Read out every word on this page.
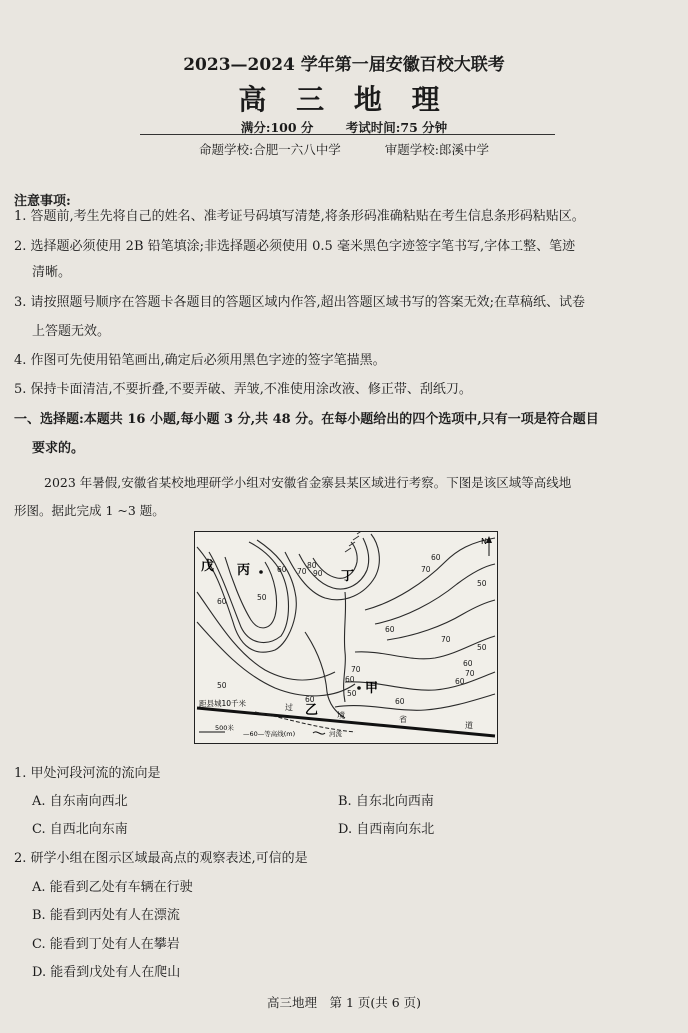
2023—2024 学年第一届安徽百校大联考
高 三 地 理
满分:100 分	考试时间:75 分钟
命题学校:合肥一六八中学	审题学校:郎溪中学
注意事项:
1. 答题前,考生先将自己的姓名、准考证号码填写清楚,将条形码准确粘贴在考生信息条形码粘贴区。
2. 选择题必须使用 2B 铅笔填涂;非选择题必须使用 0.5 毫米黑色字迹签字笔书写,字体工整、笔迹
清晰。
3. 请按照题号顺序在答题卡各题目的答题区域内作答,超出答题区域书写的答案无效;在草稿纸、试卷
上答题无效。
4. 作图可先使用铅笔画出,确定后必须用黑色字迹的签字笔描黑。
5. 保持卡面清洁,不要折叠,不要弄破、弄皱,不准使用涂改液、修正带、刮纸刀。
一、选择题:本题共 16 小题,每小题 3 分,共 48 分。在每小题给出的四个选项中,只有一项是符合题目
要求的。
2023 年暑假,安徽省某校地理研学小组对安徽省金寨县某区域进行考察。下图是该区域等高线地
形图。据此完成 1 ~3 题。
戊 丙	丁
甲
乙
60	50
60 70
80
90
60
70
50
60
70
50
60
70
50
60
50
60
70
60
60
N
距县城10千米	过
境	省
道
500米
—60—等高线(m)	河流
1. 甲处河段河流的流向是
A. 自东南向西北	B. 自东北向西南
C. 自西北向东南	D. 自西南向东北
2. 研学小组在图示区域最高点的观察表述,可信的是
A. 能看到乙处有车辆在行驶
B. 能看到丙处有人在漂流
C. 能看到丁处有人在攀岩
D. 能看到戊处有人在爬山
高三地理　第 1 页(共 6 页)
